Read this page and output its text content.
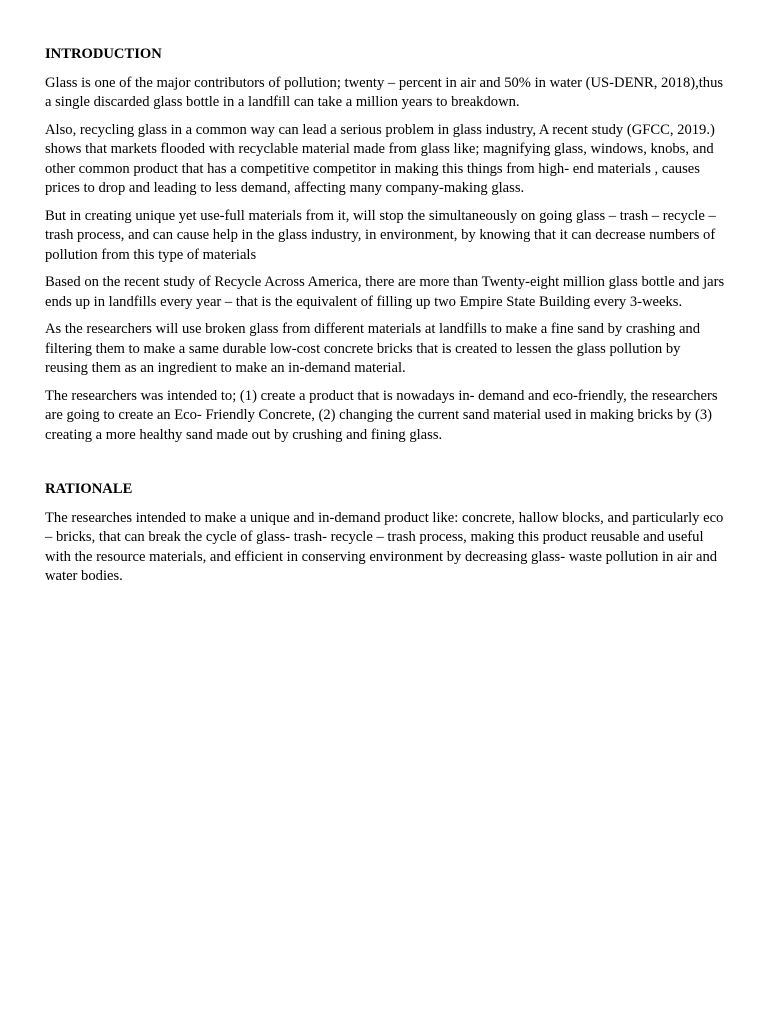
INTRODUCTION

Glass is one of the major contributors of pollution; twenty – percent in air and 50% in water (US-DENR, 2018),thus a single discarded glass bottle in a landfill can take a million years to breakdown.

Also, recycling glass in a common way can lead a serious problem in glass industry, A recent study (GFCC, 2019.) shows that markets flooded with recyclable material made from glass like; magnifying glass, windows, knobs, and other common product that has a competitive competitor in making this things from high- end materials , causes prices to drop and leading to less demand, affecting many company-making glass.

But in creating unique yet use-full materials from it, will stop the simultaneously on going glass – trash – recycle – trash process, and can cause help in the glass industry, in environment, by knowing that it can decrease numbers of pollution from this type of materials

Based on the recent study of Recycle Across America, there are more than Twenty-eight million glass bottle and jars ends up in landfills every year – that is the equivalent of filling up two Empire State Building every 3-weeks.

As the researchers will use broken glass from different materials at landfills to make a fine sand by crashing and filtering them to make a same durable low-cost concrete bricks that is created to lessen the glass pollution by reusing them as an ingredient to make an in-demand material.

The researchers was intended to; (1) create a product that is nowadays in- demand and eco-friendly, the researchers are going to create an Eco- Friendly Concrete, (2) changing the current sand material used in making bricks by (3) creating a more healthy sand made out by crushing and fining glass.

RATIONALE

The researches intended to make a unique and in-demand product like: concrete, hallow blocks, and particularly eco – bricks, that can break the cycle of glass- trash- recycle – trash process, making this product reusable and useful with the resource materials, and efficient in conserving environment by decreasing glass- waste pollution in air and water bodies.
